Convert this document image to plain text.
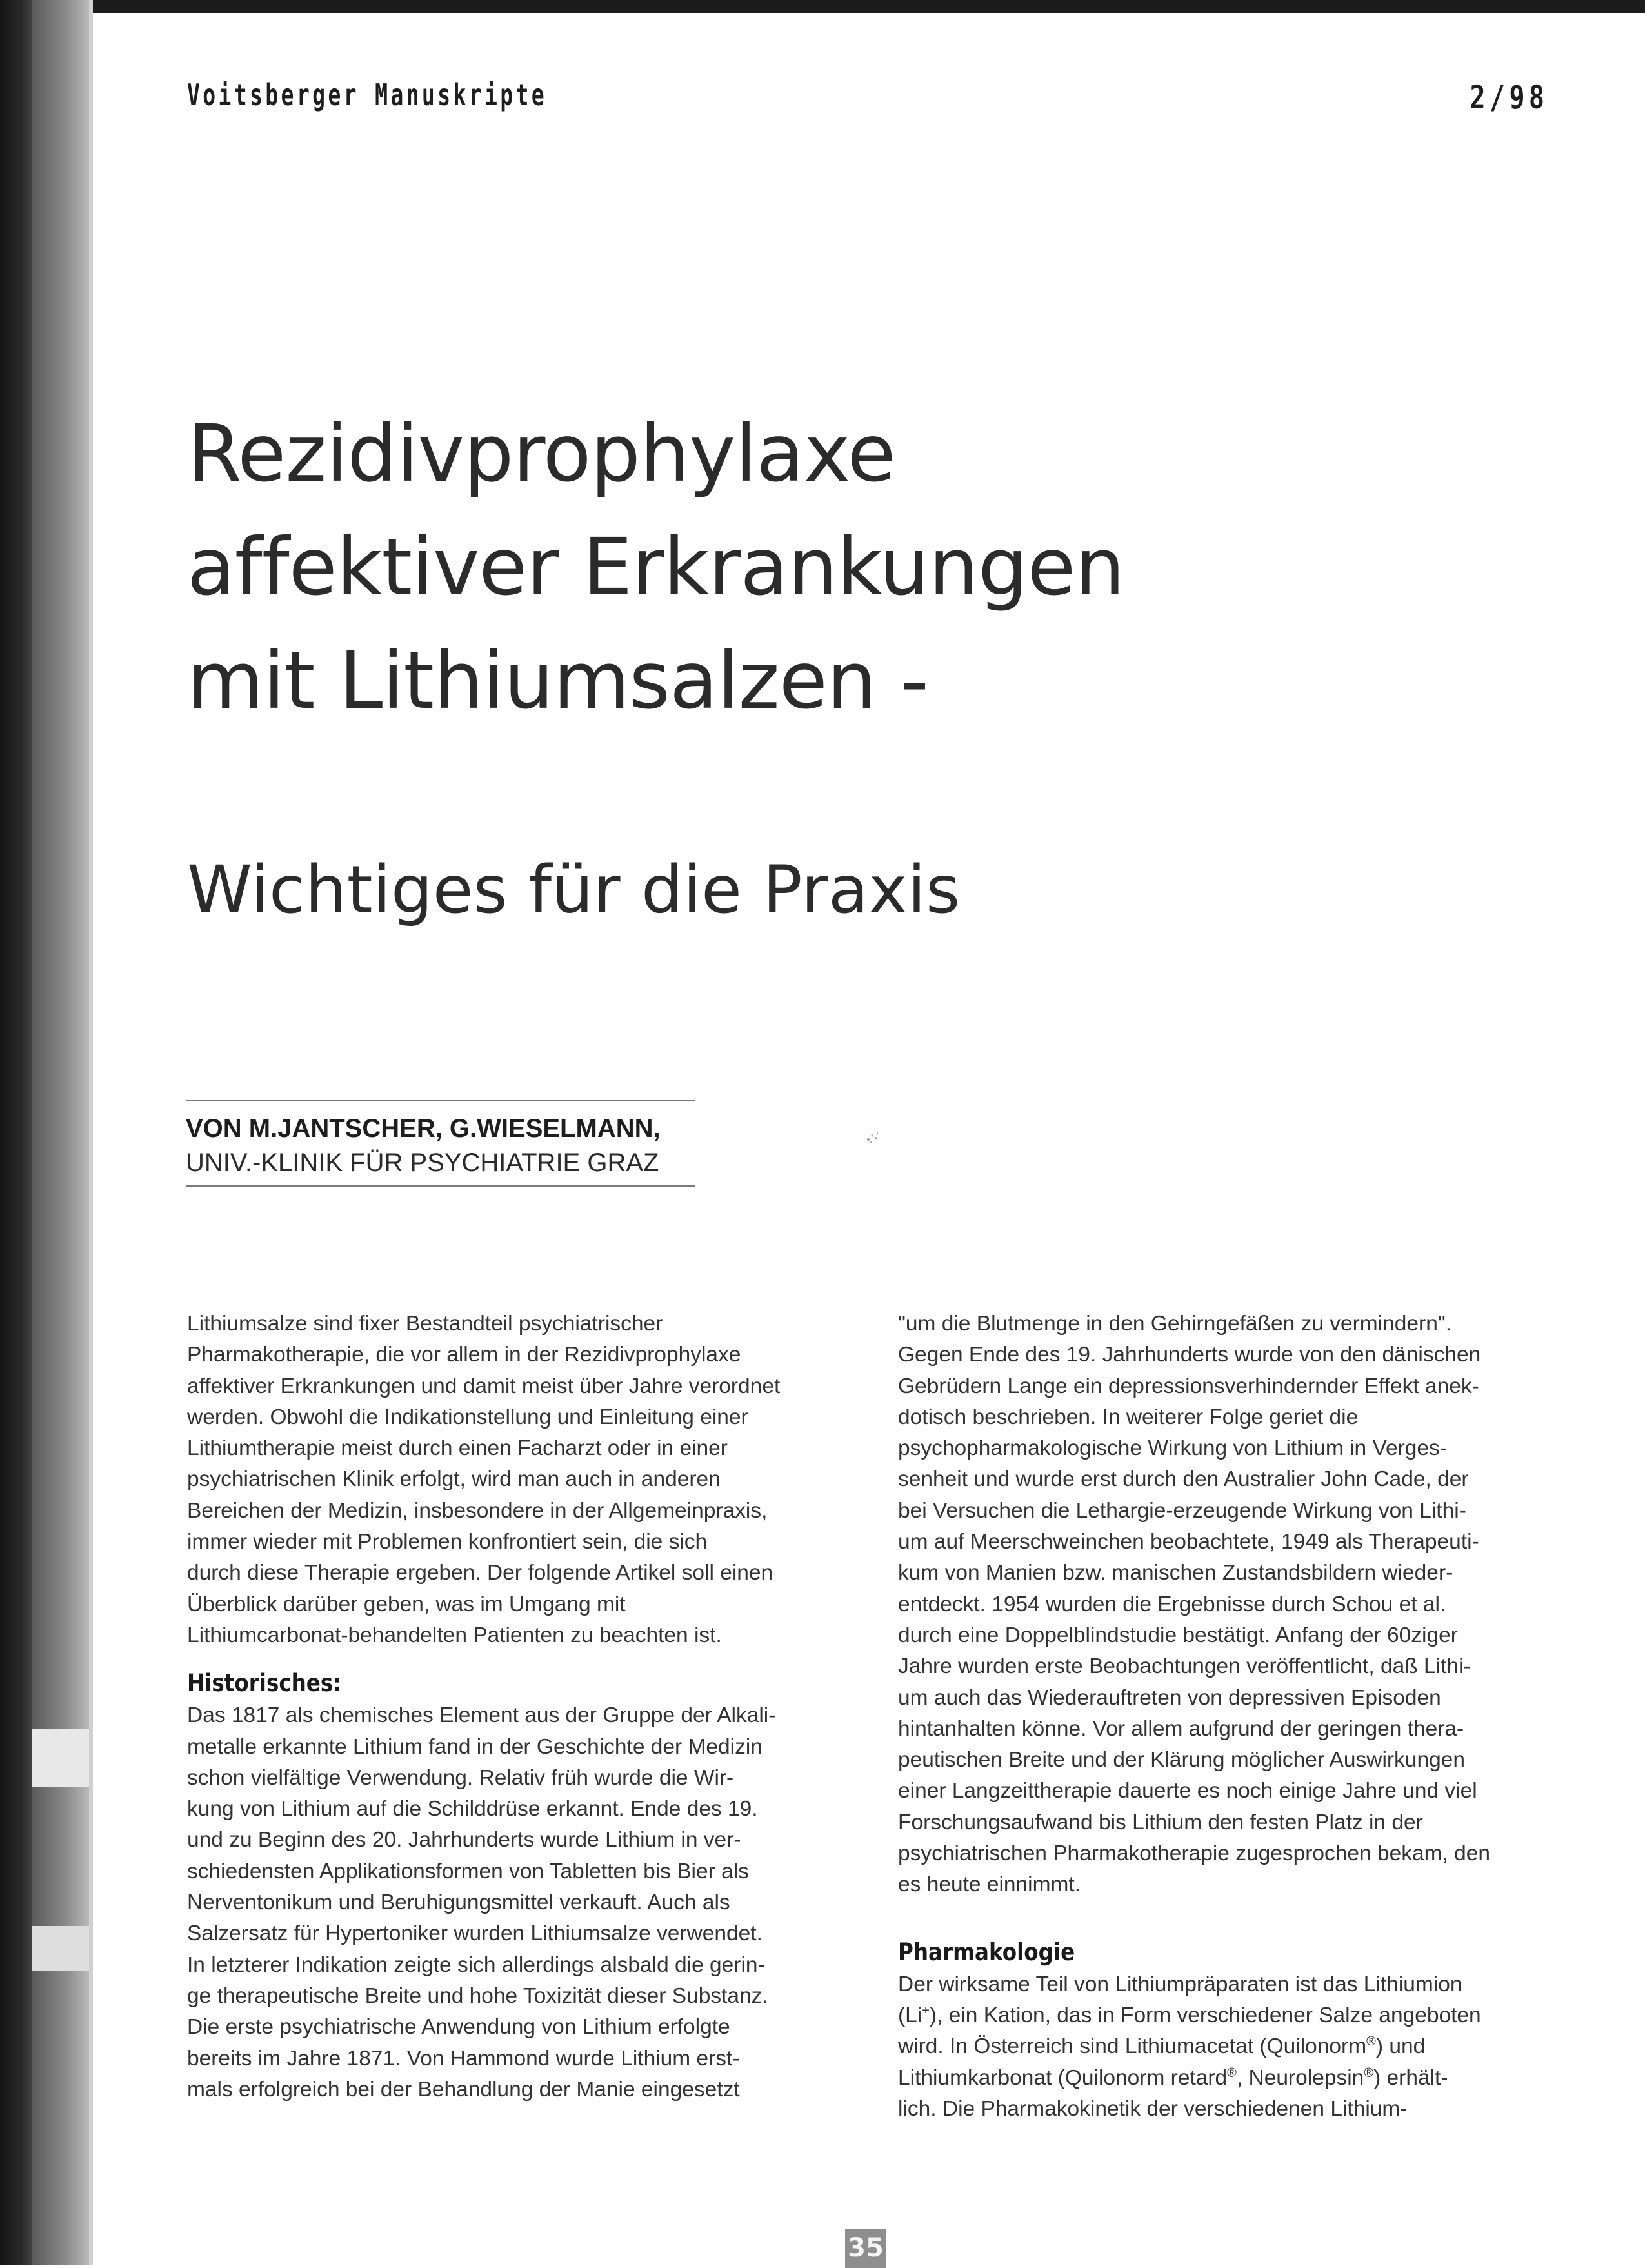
Voitsberger Manuskripte	2/98
Rezidivprophylaxe
affektiver Erkrankungen
mit Lithiumsalzen -
Wichtiges für die Praxis
VON M.JANTSCHER, G.WIESELMANN,
UNIV.-KLINIK FÜR PSYCHIATRIE GRAZ

Lithiumsalze sind fixer Bestandteil psychiatrischer
Pharmakotherapie, die vor allem in der Rezidivprophylaxe
affektiver Erkrankungen und damit meist über Jahre verordnet
werden. Obwohl die Indikationstellung und Einleitung einer
Lithiumtherapie meist durch einen Facharzt oder in einer
psychiatrischen Klinik erfolgt, wird man auch in anderen
Bereichen der Medizin, insbesondere in der Allgemeinpraxis,
immer wieder mit Problemen konfrontiert sein, die sich
durch diese Therapie ergeben. Der folgende Artikel soll einen
Überblick darüber geben, was im Umgang mit
Lithiumcarbonat-behandelten Patienten zu beachten ist.

Historisches:

Das 1817 als chemisches Element aus der Gruppe der Alkali-
metalle erkannte Lithium fand in der Geschichte der Medizin
schon vielfältige Verwendung. Relativ früh wurde die Wir-
kung von Lithium auf die Schilddrüse erkannt. Ende des 19.
und zu Beginn des 20. Jahrhunderts wurde Lithium in ver-
schiedensten Applikationsformen von Tabletten bis Bier als
Nerventonikum und Beruhigungsmittel verkauft. Auch als
Salzersatz für Hypertoniker wurden Lithiumsalze verwendet.
In letzterer Indikation zeigte sich allerdings alsbald die gerin-
ge therapeutische Breite und hohe Toxizität dieser Substanz.
Die erste psychiatrische Anwendung von Lithium erfolgte
bereits im Jahre 1871. Von Hammond wurde Lithium erst-
mals erfolgreich bei der Behandlung der Manie eingesetzt

"um die Blutmenge in den Gehirngefäßen zu vermindern".
Gegen Ende des 19. Jahrhunderts wurde von den dänischen
Gebrüdern Lange ein depressionsverhindernder Effekt anek-
dotisch beschrieben. In weiterer Folge geriet die
psychopharmakologische Wirkung von Lithium in Verges-
senheit und wurde erst durch den Australier John Cade, der
bei Versuchen die Lethargie-erzeugende Wirkung von Lithi-
um auf Meerschweinchen beobachtete, 1949 als Therapeuti-
kum von Manien bzw. manischen Zustandsbildern wieder-
entdeckt. 1954 wurden die Ergebnisse durch Schou et al.
durch eine Doppelblindstudie bestätigt. Anfang der 60ziger
Jahre wurden erste Beobachtungen veröffentlicht, daß Lithi-
um auch das Wiederauftreten von depressiven Episoden
hintanhalten könne. Vor allem aufgrund der geringen thera-
peutischen Breite und der Klärung möglicher Auswirkungen
einer Langzeittherapie dauerte es noch einige Jahre und viel
Forschungsaufwand bis Lithium den festen Platz in der
psychiatrischen Pharmakotherapie zugesprochen bekam, den
es heute einnimmt.

Pharmakologie

Der wirksame Teil von Lithiumpräparaten ist das Lithiumion
(Li+), ein Kation, das in Form verschiedener Salze angeboten
wird. In Österreich sind Lithiumacetat (Quilonorm®) und
Lithiumkarbonat (Quilonorm retard®, Neurolepsin®) erhält-
lich. Die Pharmakokinetik der verschiedenen Lithium-

35
